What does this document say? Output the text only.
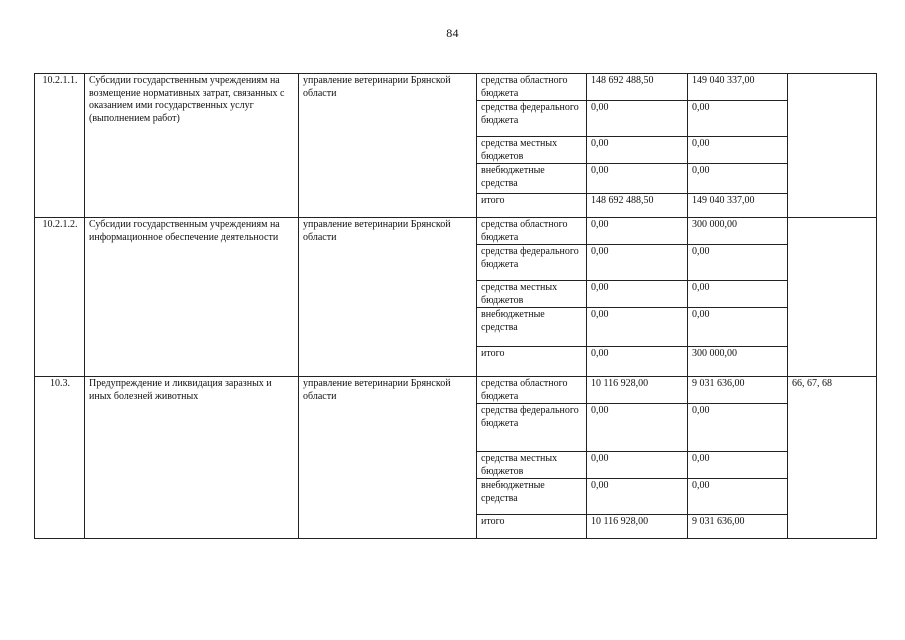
84
10.2.1.1.	Субсидии государственным учреждениям на возмещение нормативных затрат, связанных с оказанием ими государственных услуг (выполнением работ)	управление ветеринарии Брянской области	средства областного бюджета	148 692 488,50	149 040 337,00	
			средства федерального бюджета	0,00	0,00	
			средства местных бюджетов	0,00	0,00	
			внебюджетные средства	0,00	0,00	
			итого	148 692 488,50	149 040 337,00	
10.2.1.2.	Субсидии государственным учреждениям на информационное обеспечение деятельности	управление ветеринарии Брянской области	средства областного бюджета	0,00	300 000,00	
			средства федерального бюджета	0,00	0,00	
			средства местных бюджетов	0,00	0,00	
			внебюджетные средства	0,00	0,00	
			итого	0,00	300 000,00	
10.3.	Предупреждение и ликвидация заразных и иных болезней животных	управление ветеринарии Брянской области	средства областного бюджета	10 116 928,00	9 031 636,00	66, 67, 68
			средства федерального бюджета	0,00	0,00	
			средства местных бюджетов	0,00	0,00	
			внебюджетные средства	0,00	0,00	
			итого	10 116 928,00	9 031 636,00	
